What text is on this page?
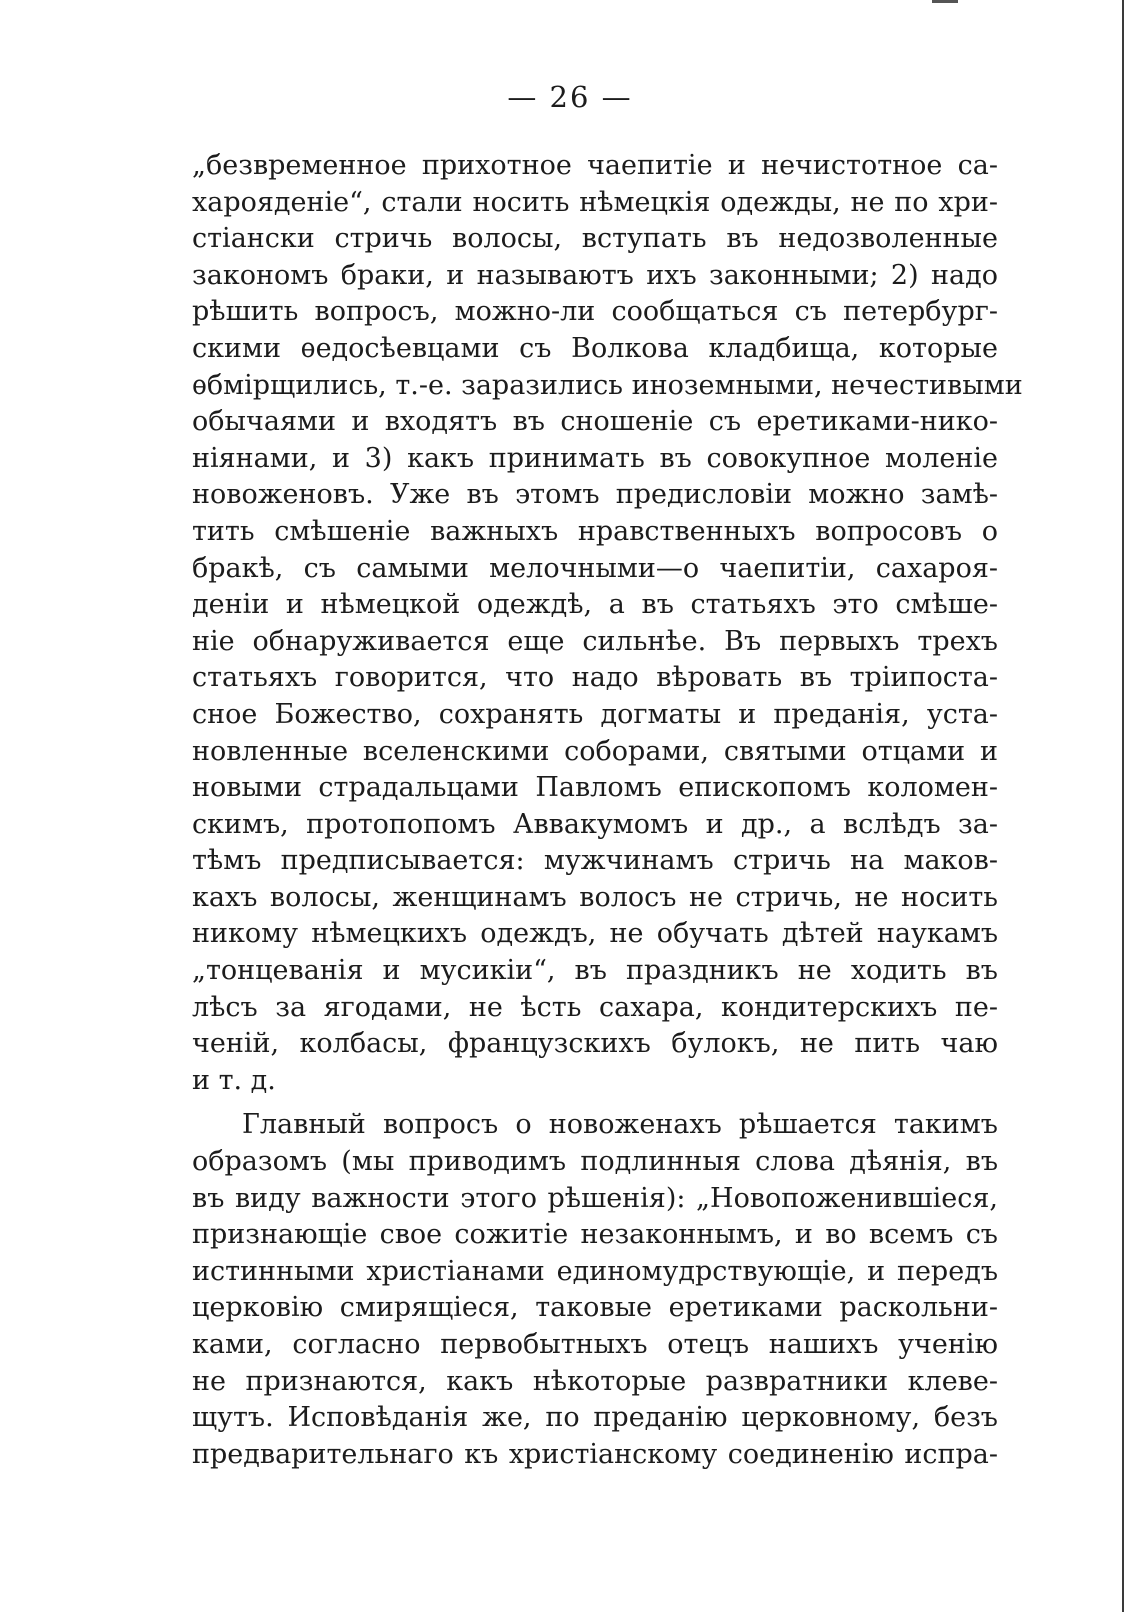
— 26 —
„безвременное прихотное чаепитіе и нечистотное са-
харояденіе“, стали носить нѣмецкія одежды, не по хри-
стіански стричь волосы, вступать въ недозволенные
закономъ браки, и называютъ ихъ законными; 2) надо
рѣшить вопросъ, можно-ли сообщаться съ петербург-
скими ѳедосѣевцами съ Волкова кладбища, которые
ѳбмірщились, т.-е. заразились иноземными, нечестивыми
обычаями и входятъ въ сношеніе съ еретиками-нико-
ніянами, и 3) какъ принимать въ совокупное моленіе
новоженовъ. Уже въ этомъ предисловіи можно замѣ-
тить смѣшеніе важныхъ нравственныхъ вопросовъ о
бракѣ, съ самыми мелочными—о чаепитіи, сахароя-
деніи и нѣмецкой одеждѣ, а въ статьяхъ это смѣше-
ніе обнаруживается еще сильнѣе. Въ первыхъ трехъ
статьяхъ говорится, что надо вѣровать въ тріипоста-
сное Божество, сохранять догматы и преданія, уста-
новленные вселенскими соборами, святыми отцами и
новыми страдальцами Павломъ епископомъ коломен-
скимъ, протопопомъ Аввакумомъ и др., а вслѣдъ за-
тѣмъ предписывается: мужчинамъ стричь на маков-
кахъ волосы, женщинамъ волосъ не стричь, не носить
никому нѣмецкихъ одеждъ, не обучать дѣтей наукамъ
„тонцеванія и мусикіи“, въ праздникъ не ходить въ
лѣсъ за ягодами, не ѣсть сахара, кондитерскихъ пе-
ченій, колбасы, французскихъ булокъ, не пить чаю
и т. д.
Главный вопросъ о новоженахъ рѣшается такимъ
образомъ (мы приводимъ подлинныя слова дѣянія, въ
въ виду важности этого рѣшенія): „Новопоженившіеся,
признающіе свое сожитіе незаконнымъ, и во всемъ съ
истинными христіанами единомудрствующіе, и передъ
церковію смирящіеся, таковые еретиками раскольни-
ками, согласно первобытныхъ отецъ нашихъ ученію
не признаются, какъ нѣкоторые развратники клеве-
щутъ. Исповѣданія же, по преданію церковному, безъ
предварительнаго къ христіанскому соединенію испра-
